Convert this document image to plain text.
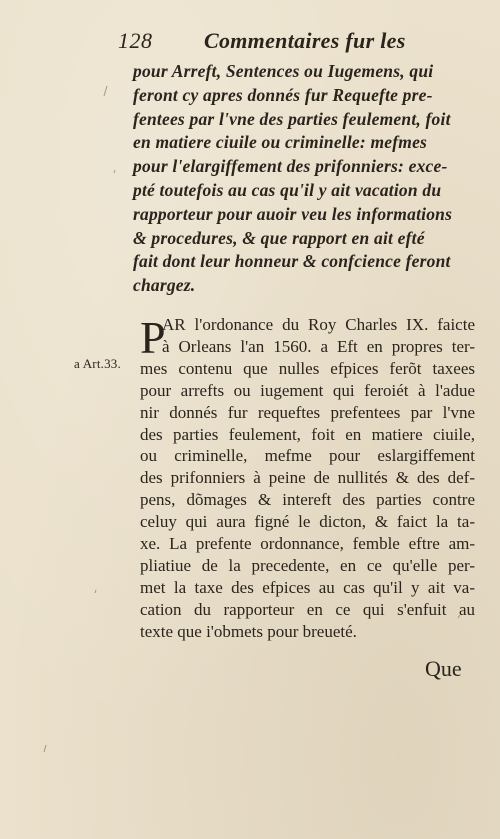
128 Commentaires fur les
pour Arreft, Sentences ou Iugemens, qui
feront cy apres donnés fur Requefte pre-
fentees par l'vne des parties feulement, foit
en matiere ciuile ou criminelle: mefmes
pour l'elargiffement des prifonniers: exce-
pté toutefois au cas qu'il y ait vacation du
rapporteur pour auoir veu les informations
& procedures, & que rapport en ait efté
fait dont leur honneur & confcience feront
chargez.
P
a Art.33.
AR l'ordonance du Roy Charles IX. faicte
à Orleans l'an 1560. a Eft en propres ter-
mes contenu que nulles efpices ferõt taxees
pour arrefts ou iugement qui feroiét à l'adue
nir donnés fur requeftes prefentees par l'vne
des parties feulement, foit en matiere ciuile,
ou criminelle, mefme pour eslargiffement
des prifonniers à peine de nullités & des def-
pens, dõmages & intereft des parties contre
celuy qui aura figné le dicton, & faict la ta-
xe. La prefente ordonnance, femble eftre am-
pliatiue de la precedente, en ce qu'elle per-
met la taxe des efpices au cas qu'il y ait va-
cation du rapporteur en ce qui s'enfuit au
texte que i'obmets pour breueté.
Que
